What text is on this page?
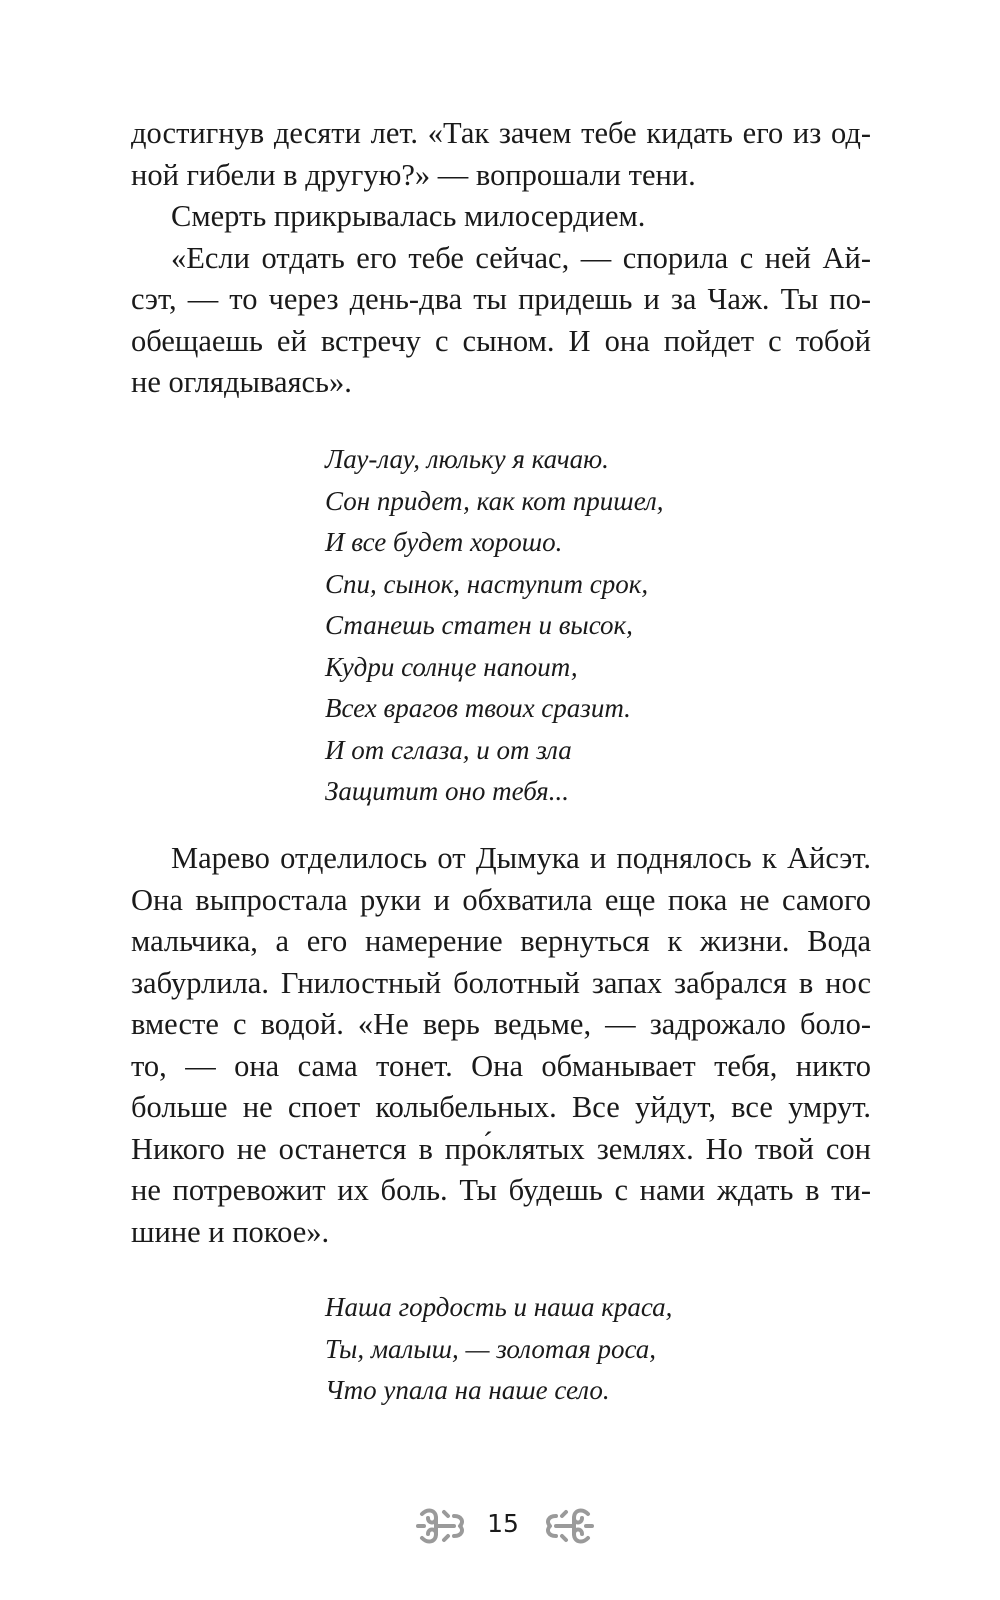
достигнув десяти лет. «Так зачем тебе кидать его из од-
ной гибели в другую?» — вопрошали тени.
Смерть прикрывалась милосердием.
«Если отдать его тебе сейчас, — спорила с ней Ай-
сэт, — то через день-два ты придешь и за Чаж. Ты по-
обещаешь ей встречу с сыном. И она пойдет с тобой
не оглядываясь».
Лау-лау, люльку я качаю.
Сон придет, как кот пришел,
И все будет хорошо.
Спи, сынок, наступит срок,
Станешь статен и высок,
Кудри солнце напоит,
Всех врагов твоих сразит.
И от сглаза, и от зла
Защитит оно тебя...
Марево отделилось от Дымука и поднялось к Айсэт.
Она выпростала руки и обхватила еще пока не самого
мальчика, а его намерение вернуться к жизни. Вода
забурлила. Гнилостный болотный запах забрался в нос
вместе с водой. «Не верь ведьме, — задрожало боло-
то, — она сама тонет. Она обманывает тебя, никто
больше не споет колыбельных. Все уйдут, все умрут.
Никого не останется в про́клятых землях. Но твой сон
не потревожит их боль. Ты будешь с нами ждать в ти-
шине и покое».
Наша гордость и наша краса,
Ты, малыш, — золотая роса,
Что упала на наше село.
15
